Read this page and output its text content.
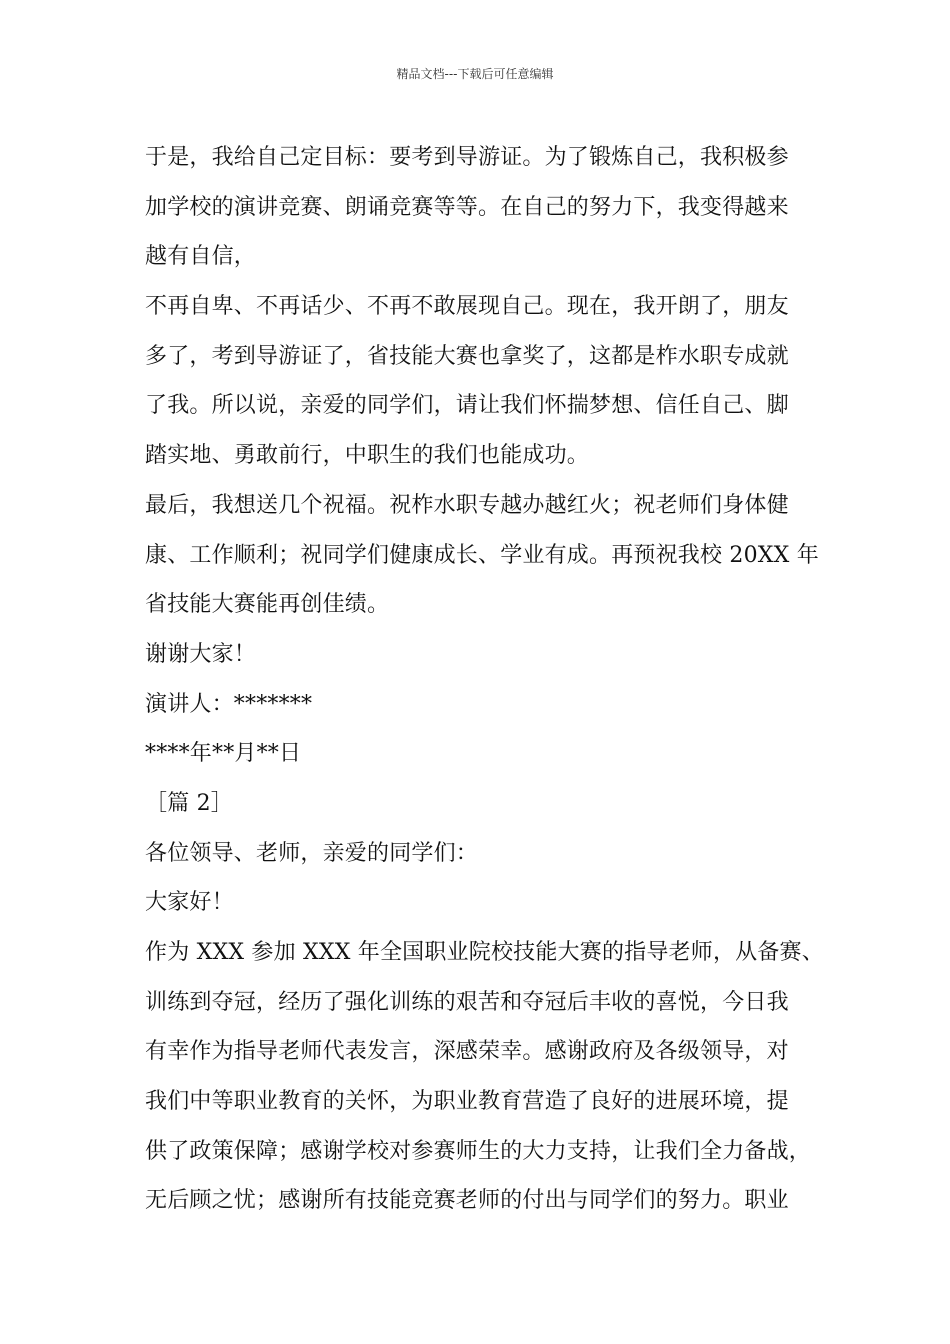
精品文档---下载后可任意编辑
于是，我给自己定目标：要考到导游证。为了锻炼自己，我积极参
加学校的演讲竞赛、朗诵竞赛等等。在自己的努力下，我变得越来
越有自信，
不再自卑、不再话少、不再不敢展现自己。现在，我开朗了，朋友
多了，考到导游证了，省技能大赛也拿奖了，这都是柞水职专成就
了我。所以说，亲爱的同学们，请让我们怀揣梦想、信任自己、脚
踏实地、勇敢前行，中职生的我们也能成功。
最后，我想送几个祝福。祝柞水职专越办越红火；祝老师们身体健
康、工作顺利；祝同学们健康成长、学业有成。再预祝我校 20XX 年
省技能大赛能再创佳绩。
谢谢大家！
演讲人：*******
****年**月**日
［篇 2］
各位领导、老师，亲爱的同学们：
大家好！
作为 XXX 参加 XXX 年全国职业院校技能大赛的指导老师，从备赛、
训练到夺冠，经历了强化训练的艰苦和夺冠后丰收的喜悦，今日我
有幸作为指导老师代表发言，深感荣幸。感谢政府及各级领导，对
我们中等职业教育的关怀，为职业教育营造了良好的进展环境，提
供了政策保障；感谢学校对参赛师生的大力支持，让我们全力备战，
无后顾之忧；感谢所有技能竞赛老师的付出与同学们的努力。职业
